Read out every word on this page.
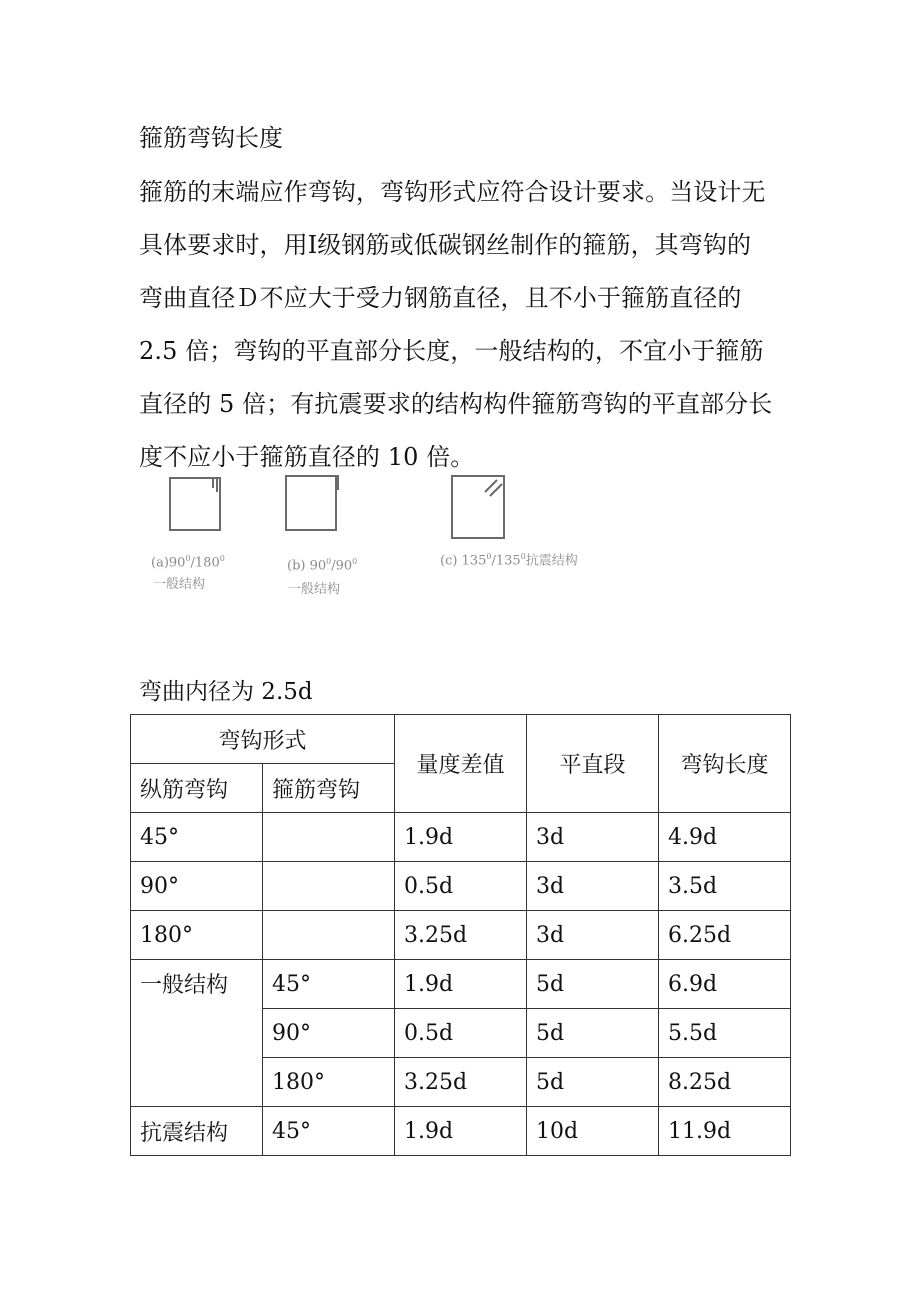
箍筋弯钩长度

箍筋的末端应作弯钩，弯钩形式应符合设计要求。当设计无

具体要求时，用Ⅰ级钢筋或低碳钢丝制作的箍筋，其弯钩的

弯曲直径Ｄ不应大于受力钢筋直径，且不小于箍筋直径的

2.5 倍；弯钩的平直部分长度，一般结构的，不宜小于箍筋

直径的 5 倍；有抗震要求的结构构件箍筋弯钩的平直部分长

度不应小于箍筋直径的 10 倍。

$(a)90^0/180^0$
一般结构
(b) $90^0/90^0$
一般结构
(c) $135^0/135^0$抗震结构
弯曲内径为 2.5d
弯钩形式		量度差值	平直段	弯钩长度
纵筋弯钩	箍筋弯钩			
45°		1.9d	3d	4.9d
90°		0.5d	3d	3.5d
180°		3.25d	3d	6.25d
一般结构	45°	1.9d	5d	6.9d
	90°	0.5d	5d	5.5d
	180°	3.25d	5d	8.25d
抗震结构	45°	1.9d	10d	11.9d
